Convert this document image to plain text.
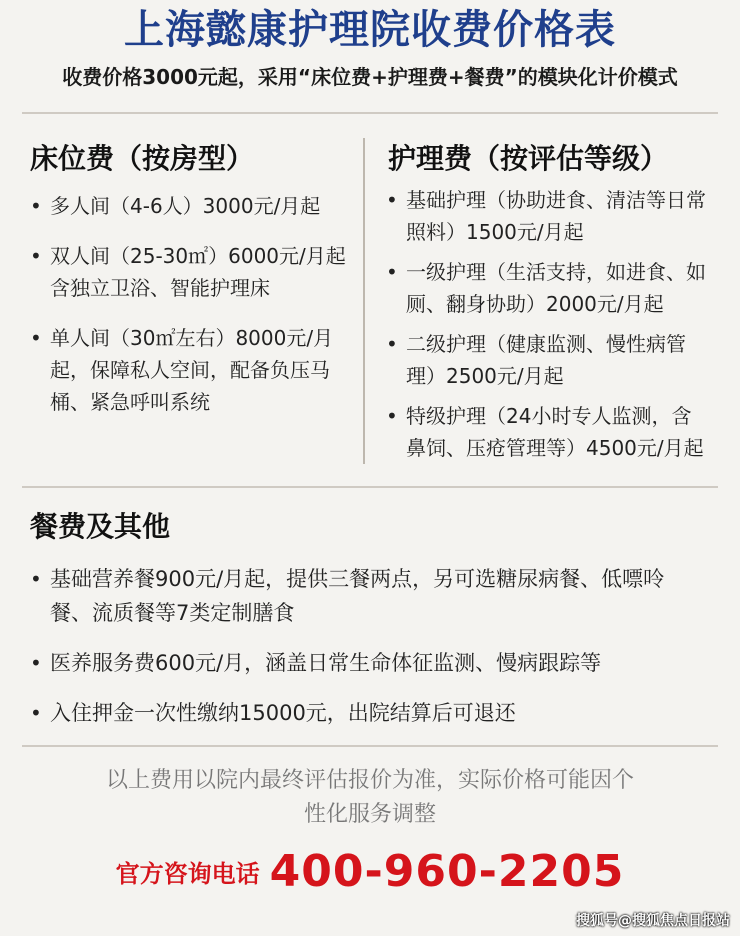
上海懿康护理院收费价格表
收费价格3000元起，采用“床位费+护理费+餐费”的模块化计价模式
床位费（按房型）
• 多人间（4-6人）3000元/月起
• 双人间（25-30㎡）6000元/月起含独立卫浴、智能护理床
• 单人间（30㎡左右）8000元/月起，保障私人空间，配备负压马桶、紧急呼叫系统
护理费（按评估等级）
• 基础护理（协助进食、清洁等日常照料）1500元/月起
• 一级护理（生活支持，如进食、如厕、翻身协助）2000元/月起
• 二级护理（健康监测、慢性病管理）2500元/月起
• 特级护理（24小时专人监测，含鼻饲、压疮管理等）4500元/月起
餐费及其他
• 基础营养餐900元/月起，提供三餐两点，另可选糖尿病餐、低嘌呤餐、流质餐等7类定制膳食
• 医养服务费600元/月，涵盖日常生命体征监测、慢病跟踪等
• 入住押金一次性缴纳15000元，出院结算后可退还
以上费用以院内最终评估报价为准，实际价格可能因个性化服务调整
官方咨询电话 400-960-2205
搜狐号@搜狐焦点日报站
